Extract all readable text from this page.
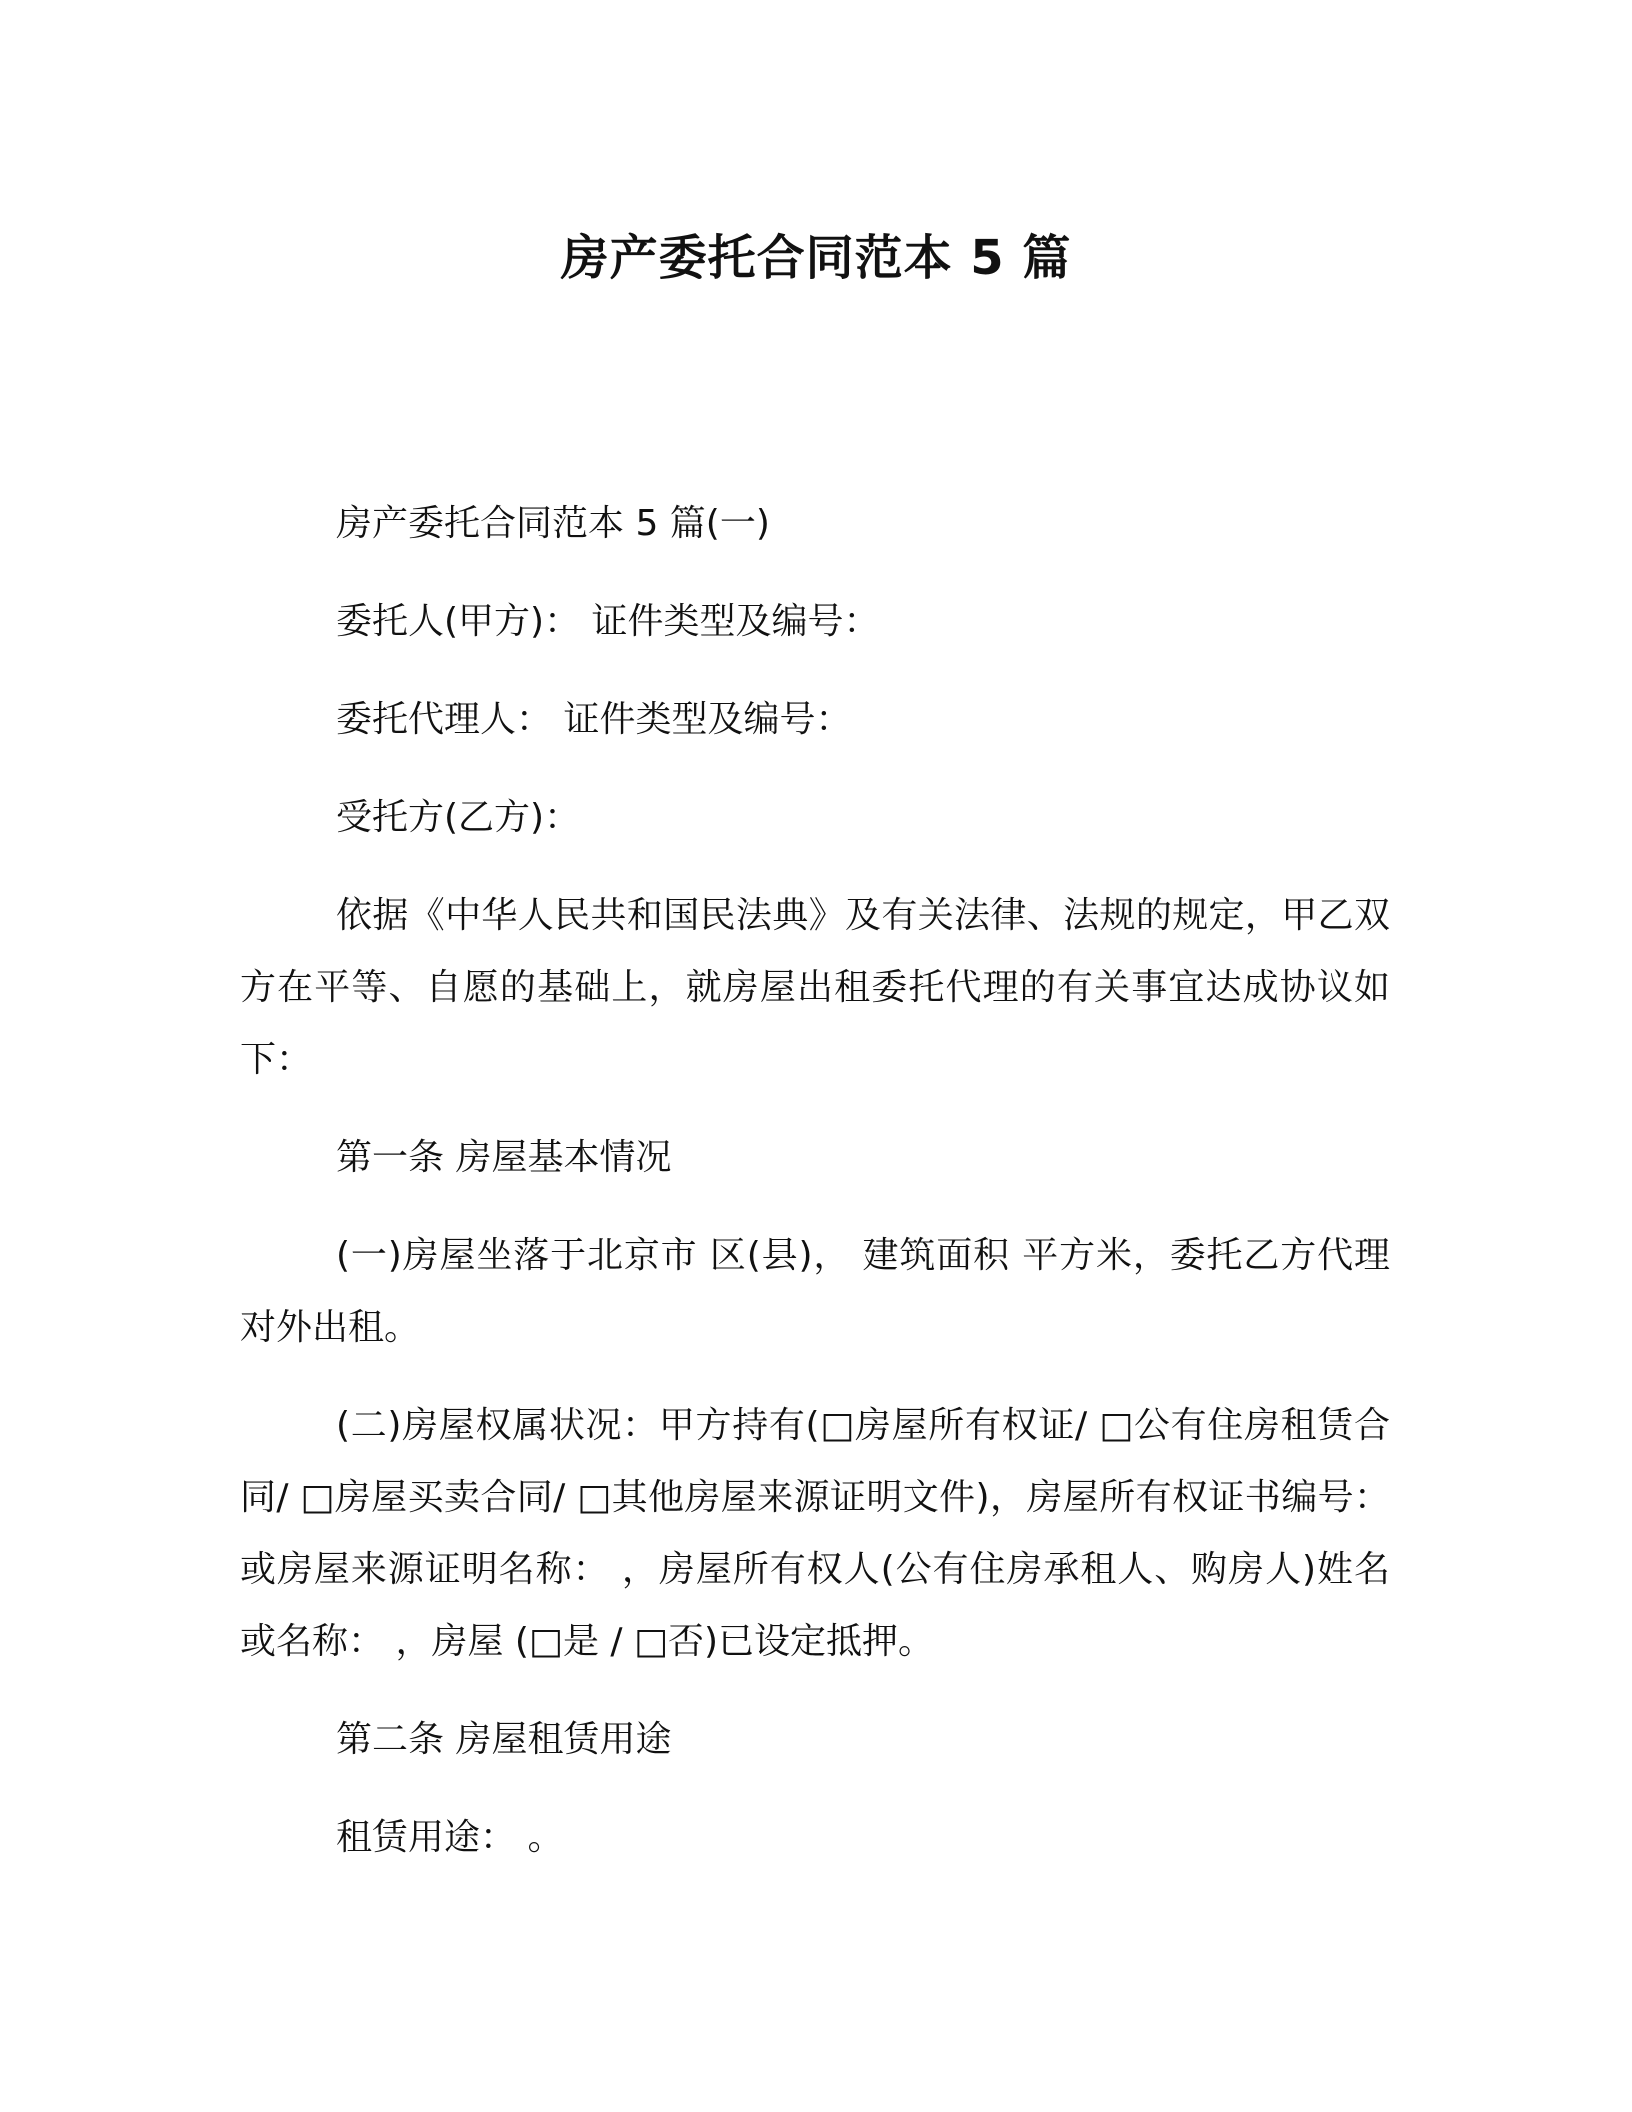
房产委托合同范本 5 篇

房产委托合同范本 5 篇(一)

委托人(甲方)： 证件类型及编号：

委托代理人： 证件类型及编号：

受托方(乙方)：

依据《中华人民共和国民法典》及有关法律、法规的规定，甲乙双方在平等、自愿的基础上，就房屋出租委托代理的有关事宜达成协议如下：

第一条 房屋基本情况

(一)房屋坐落于北京市 区(县)， 建筑面积 平方米，委托乙方代理对外出租。

(二)房屋权属状况：甲方持有(□房屋所有权证/ □公有住房租赁合同/ □房屋买卖合同/ □其他房屋来源证明文件)，房屋所有权证书编号：或房屋来源证明名称： ，房屋所有权人(公有住房承租人、购房人)姓名或名称： ，房屋 (□是 / □否)已设定抵押。

第二条 房屋租赁用途

租赁用途： 。
